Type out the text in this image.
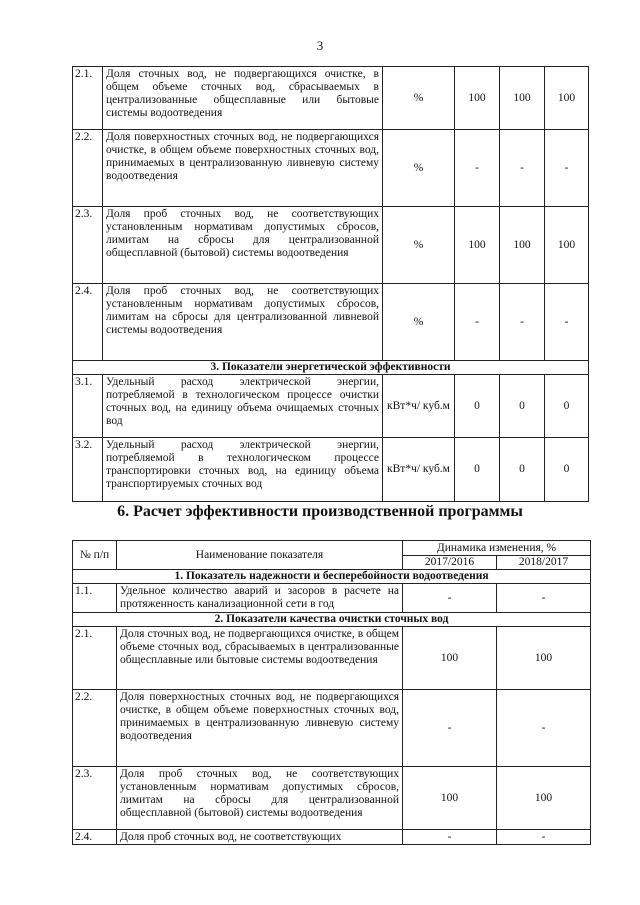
3
2.1.	Доля сточных вод, не подвергающихся очистке, в общем объеме сточных вод, сбрасываемых в централизованные общесплавные или бытовые системы водоотведения	%	100	100	100
2.2.	Доля поверхностных сточных вод, не подвергающихся очистке, в общем объеме поверхностных сточных вод, принимаемых в централизованную ливневую систему водоотведения	%	-	-	-
2.3.	Доля проб сточных вод, не соответствующих установленным нормативам допустимых сбросов, лимитам на сбросы для централизованной общесплавной (бытовой) системы водоотведения	%	100	100	100
2.4.	Доля проб сточных вод, не соответствующих установленным нормативам допустимых сбросов, лимитам на сбросы для централизованной ливневой системы водоотведения	%	-	-	-
3. Показатели энергетической эффективности					
3.1.	Удельный расход электрической энергии, потребляемой в технологическом процессе очистки сточных вод, на единицу объема очищаемых сточных вод	кВт*ч/ куб.м	0	0	0
3.2.	Удельный расход электрической энергии, потребляемой в технологическом процессе транспортировки сточных вод, на единицу объема транспортируемых сточных вод	кВт*ч/ куб.м	0	0	0
6. Расчет эффективности производственной программы
№ п/п	Наименование показателя	Динамика изменения, %	
		2017/2016	2018/2017
1. Показатель надежности и бесперебойности водоотведения			
1.1.	Удельное количество аварий и засоров в расчете на протяженность канализационной сети в год	-	-
2. Показатели качества очистки сточных вод			
2.1.	Доля сточных вод, не подвергающихся очистке, в общем объеме сточных вод, сбрасываемых в централизованные общесплавные или бытовые системы водоотведения	100	100
2.2.	Доля поверхностных сточных вод, не подвергающихся очистке, в общем объеме поверхностных сточных вод, принимаемых в централизованную ливневую систему водоотведения	-	-
2.3.	Доля проб сточных вод, не соответствующих установленным нормативам допустимых сбросов, лимитам на сбросы для централизованной общесплавной (бытовой) системы водоотведения	100	100
2.4.	Доля проб сточных вод, не соответствующих	-	-
